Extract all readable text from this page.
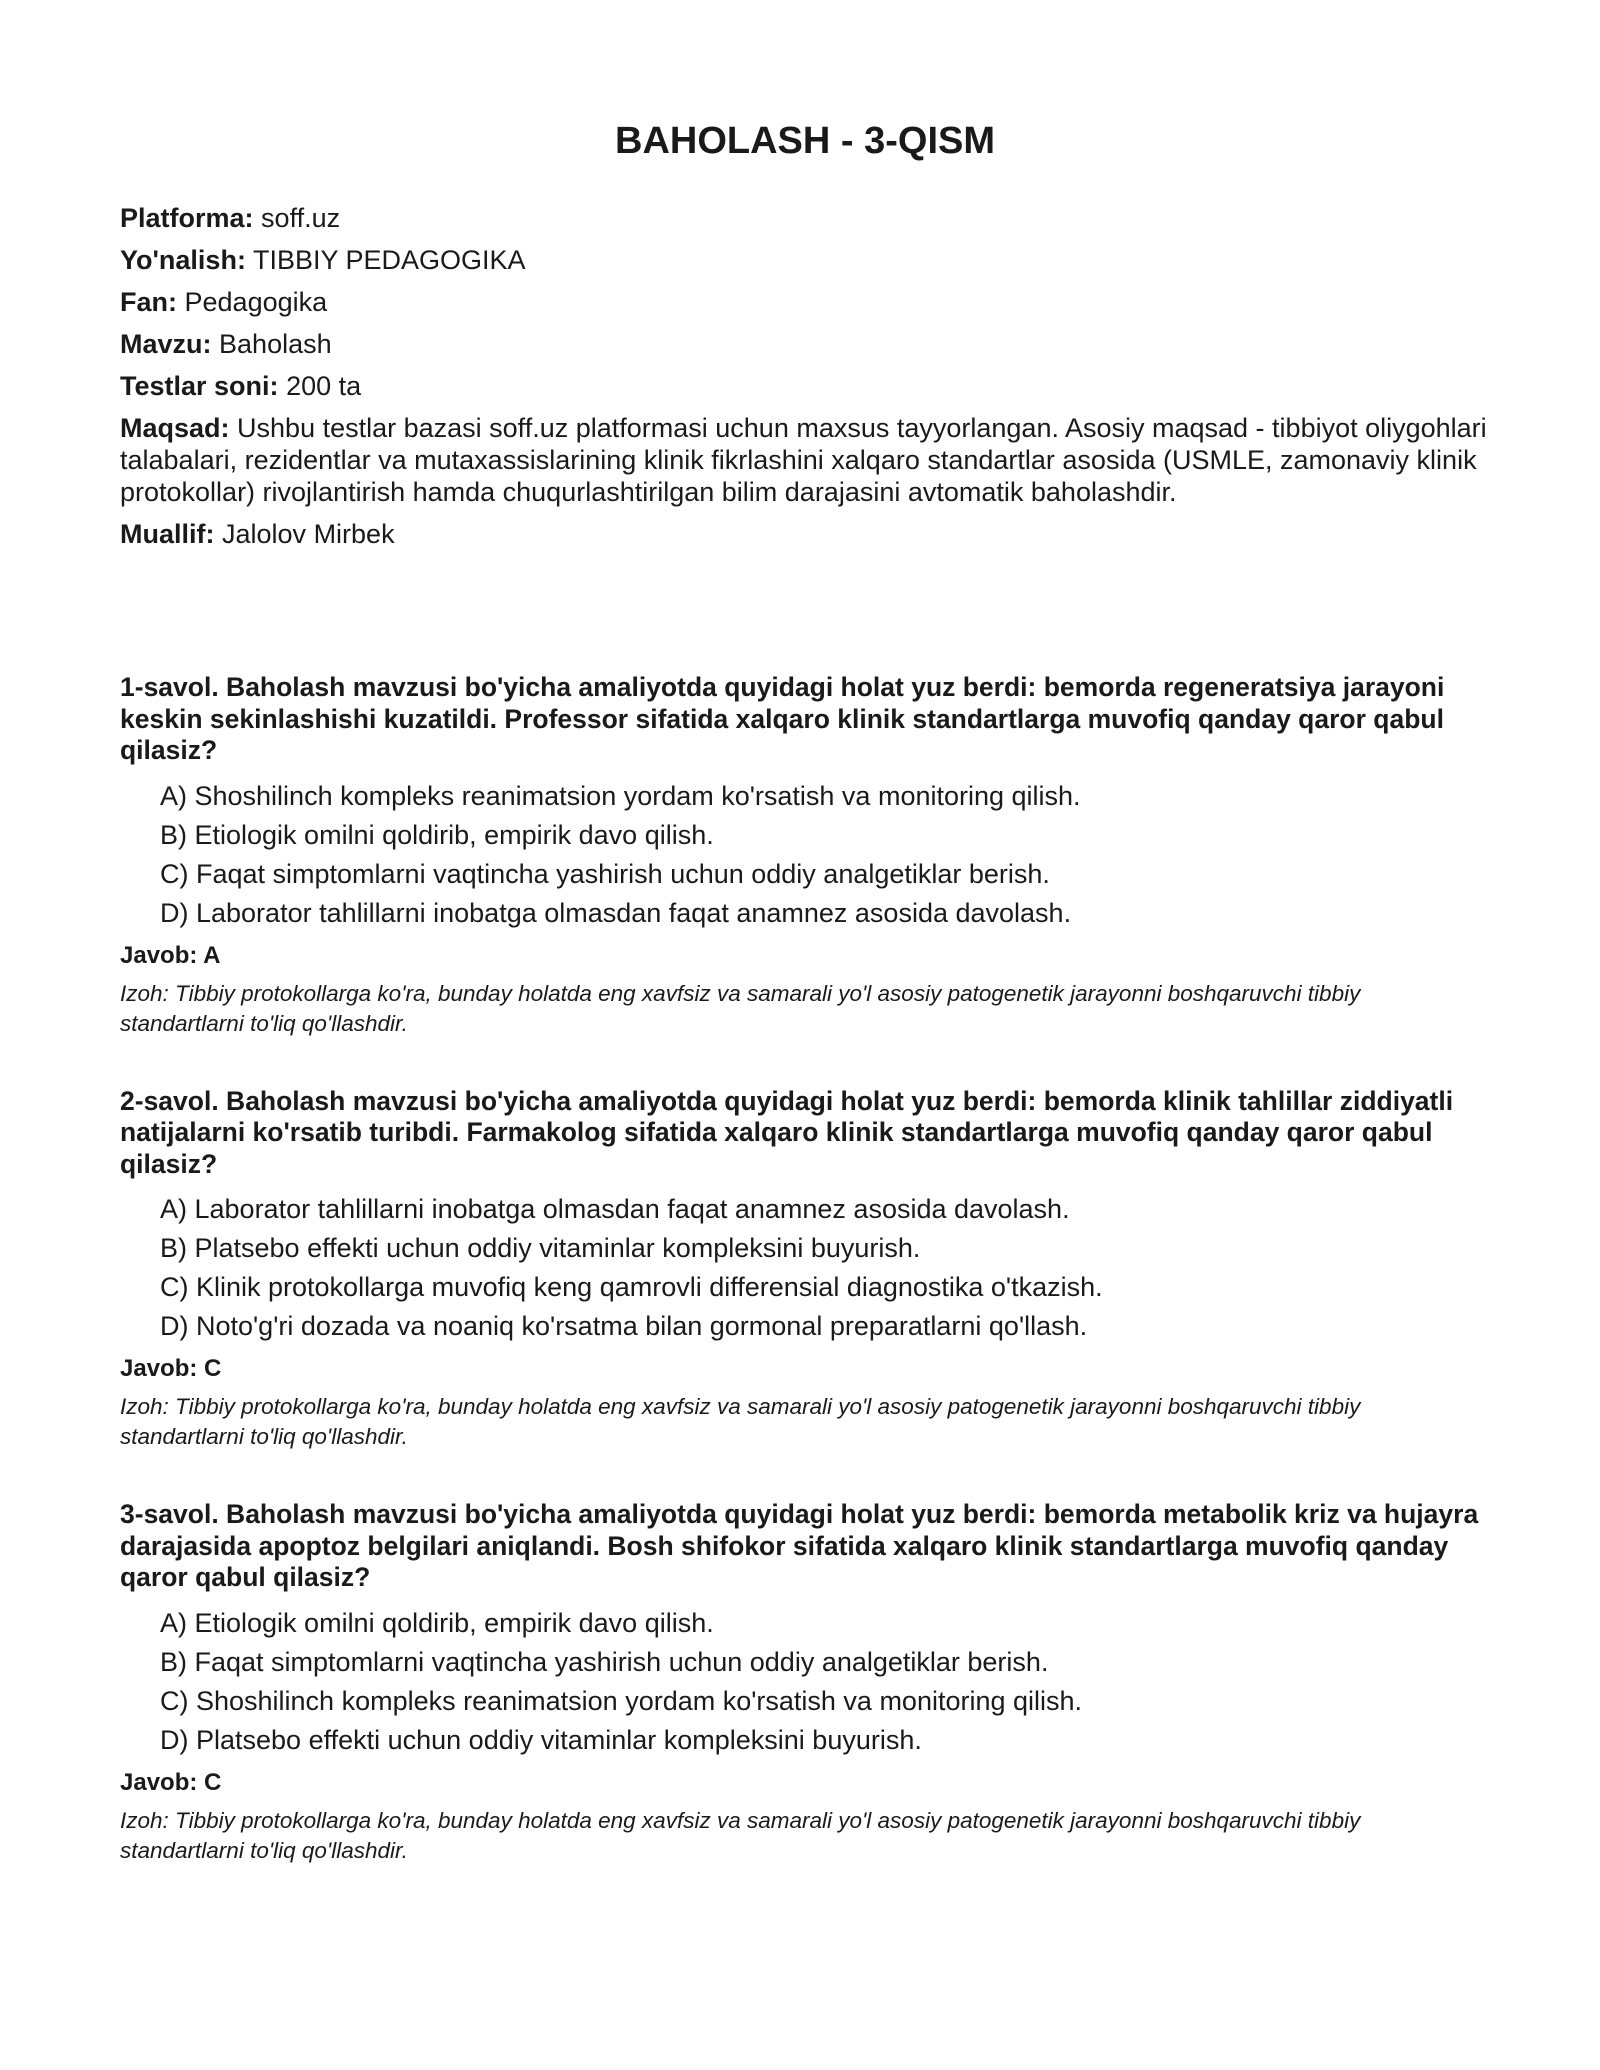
BAHOLASH - 3-QISM

Platforma: soff.uz

Yo'nalish: TIBBIY PEDAGOGIKA

Fan: Pedagogika

Mavzu: Baholash

Testlar soni: 200 ta

Maqsad: Ushbu testlar bazasi soff.uz platformasi uchun maxsus tayyorlangan. Asosiy maqsad - tibbiyot oliygohlari talabalari, rezidentlar va mutaxassislarining klinik fikrlashini xalqaro standartlar asosida (USMLE, zamonaviy klinik protokollar) rivojlantirish hamda chuqurlashtirilgan bilim darajasini avtomatik baholashdir.

Muallif: Jalolov Mirbek

1-savol. Baholash mavzusi bo'yicha amaliyotda quyidagi holat yuz berdi: bemorda regeneratsiya jarayoni keskin sekinlashishi kuzatildi. Professor sifatida xalqaro klinik standartlarga muvofiq qanday qaror qabul qilasiz?

A) Shoshilinch kompleks reanimatsion yordam ko'rsatish va monitoring qilish.
B) Etiologik omilni qoldirib, empirik davo qilish.
C) Faqat simptomlarni vaqtincha yashirish uchun oddiy analgetiklar berish.
D) Laborator tahlillarni inobatga olmasdan faqat anamnez asosida davolash.

Javob: A

Izoh: Tibbiy protokollarga ko'ra, bunday holatda eng xavfsiz va samarali yo'l asosiy patogenetik jarayonni boshqaruvchi tibbiy standartlarni to'liq qo'llashdir.

2-savol. Baholash mavzusi bo'yicha amaliyotda quyidagi holat yuz berdi: bemorda klinik tahlillar ziddiyatli natijalarni ko'rsatib turibdi. Farmakolog sifatida xalqaro klinik standartlarga muvofiq qanday qaror qabul qilasiz?

A) Laborator tahlillarni inobatga olmasdan faqat anamnez asosida davolash.
B) Platsebo effekti uchun oddiy vitaminlar kompleksini buyurish.
C) Klinik protokollarga muvofiq keng qamrovli differensial diagnostika o'tkazish.
D) Noto'g'ri dozada va noaniq ko'rsatma bilan gormonal preparatlarni qo'llash.

Javob: C

Izoh: Tibbiy protokollarga ko'ra, bunday holatda eng xavfsiz va samarali yo'l asosiy patogenetik jarayonni boshqaruvchi tibbiy standartlarni to'liq qo'llashdir.

3-savol. Baholash mavzusi bo'yicha amaliyotda quyidagi holat yuz berdi: bemorda metabolik kriz va hujayra darajasida apoptoz belgilari aniqlandi. Bosh shifokor sifatida xalqaro klinik standartlarga muvofiq qanday qaror qabul qilasiz?

A) Etiologik omilni qoldirib, empirik davo qilish.
B) Faqat simptomlarni vaqtincha yashirish uchun oddiy analgetiklar berish.
C) Shoshilinch kompleks reanimatsion yordam ko'rsatish va monitoring qilish.
D) Platsebo effekti uchun oddiy vitaminlar kompleksini buyurish.

Javob: C

Izoh: Tibbiy protokollarga ko'ra, bunday holatda eng xavfsiz va samarali yo'l asosiy patogenetik jarayonni boshqaruvchi tibbiy standartlarni to'liq qo'llashdir.
